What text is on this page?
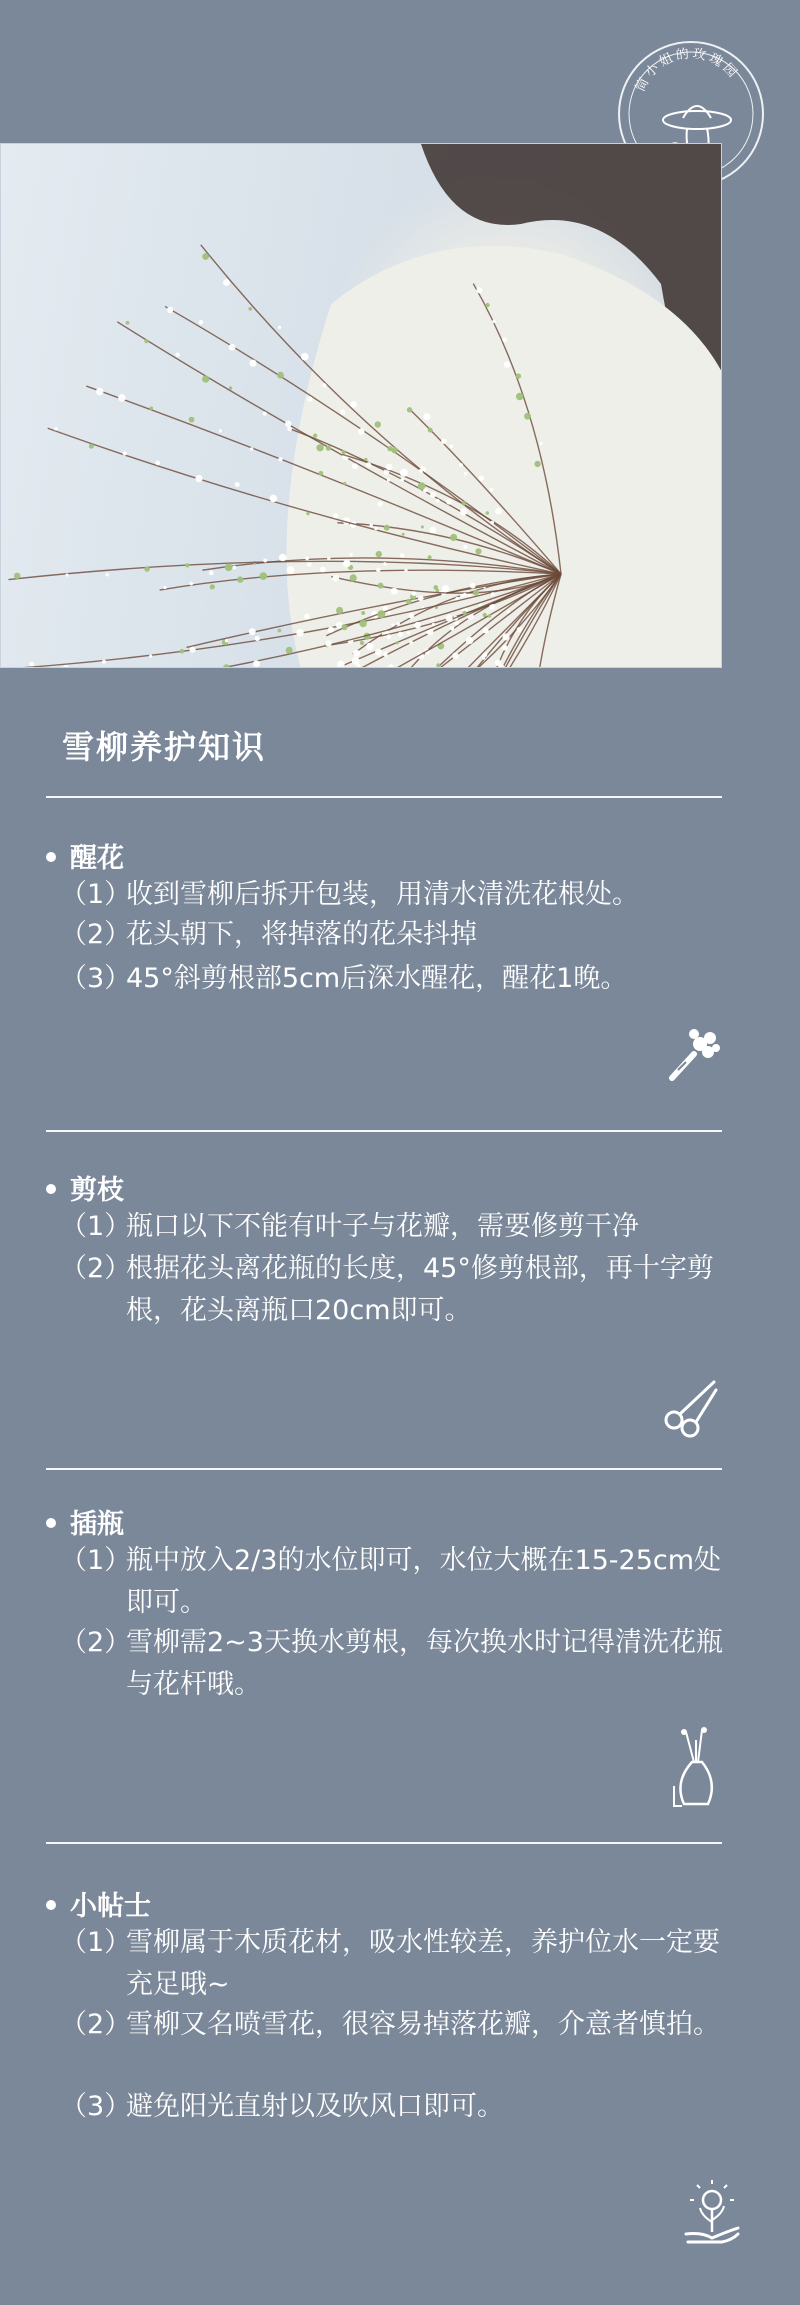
简小姐的玫瑰园
雪柳养护知识
醒花
（1）
收到雪柳后拆开包装，用清水清洗花根处。
（2）
花头朝下，将掉落的花朵抖掉
（3）
45°斜剪根部5cm后深水醒花，醒花1晚。
剪枝
（1）
瓶口以下不能有叶子与花瓣，需要修剪干净
（2）
根据花头离花瓶的长度，45°修剪根部，再十字剪根，花头离瓶口20cm即可。
插瓶
（1）
瓶中放入2/3的水位即可，水位大概在15-25cm处即可。
（2）
雪柳需2~3天换水剪根，每次换水时记得清洗花瓶与花杆哦。
小帖士
（1）
雪柳属于木质花材，吸水性较差，养护位水一定要充足哦~
（2）
雪柳又名喷雪花，很容易掉落花瓣，介意者慎拍。
（3）
避免阳光直射以及吹风口即可。
